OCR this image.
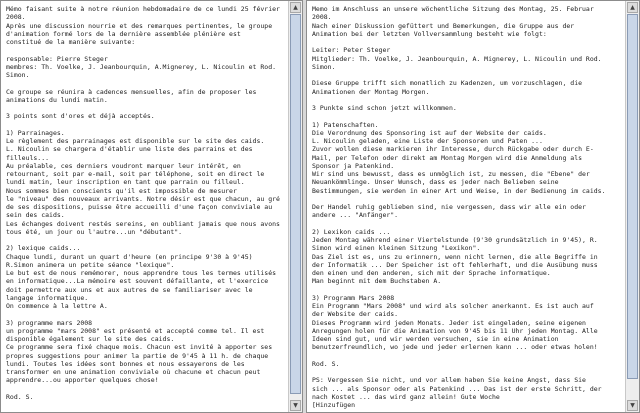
Mémo faisant suite à notre réunion hebdomadaire de ce lundi 25 février
2008.
Après une discussion nourrie et des remarques pertinentes, le groupe
d'animation formé lors de la dernière assemblée plénière est
constitué de la manière suivante:
responsable: Pierre Steger
membres: Th. Voelke, J. Jeanbourquin, A.Mignerey, L. Nicoulin et Rod.
Simon.
Ce groupe se réunira à cadences mensuelles, afin de proposer les
animations du lundi matin.
3 points sont d'ores et déjà acceptés.
1) Parrainages.
Le règlement des parrainages est disponible sur le site des caids.
L. Nicoulin se chargera d'établir une liste des parrains et des
filleuls...
Au préalable, ces derniers voudront marquer leur intérêt, en
retournant, soit par e-mail, soit par téléphone, soit en direct le
lundi matin, leur inscription en tant que parrain ou filleul.
Nous sommes bien conscients qu'il est impossible de mesurer
le "niveau" des nouveaux arrivants. Notre désir est que chacun, au gré
de ses dispositions, puisse être accueilli d'une façon conviviale au
sein des caids.
Les échanges doivent restés sereins, en oubliant jamais que nous avons
tous été, un jour ou l'autre...un "débutant".
2) lexique caids...
Chaque lundi, durant un quart d'heure (en principe 9'30 à 9'45)
R.Simon animera un petite séance "lexique".
Le but est de nous remémorer, nous apprendre tous les termes utilisés
en informatique...La mémoire est souvent défaillante, et l'exercice
doit permettre aux uns et aux autres de se familiariser avec le
langage informatique.
On commence à la lettre A.
3) programme mars 2008
un programme "mars 2008" est présenté et accepté comme tel. Il est
disponible également sur le site des caids.
Ce programme sera fixé chaque mois. Chacun est invité à apporter ses
propres suggestions pour animer la partie de 9'45 à 11 h. de chaque
lundi. Toutes les idées sont bonnes et nous essayerons de les
transformer en une animation conviviale où chacune et chacun peut
apprendre...ou apporter quelques chose!
Rod. S.
▲
▼
Memo im Anschluss an unsere wöchentliche Sitzung des Montag, 25. Februar
2008.
Nach einer Diskussion gefüttert und Bemerkungen, die Gruppe aus der
Animation bei der letzten Vollversammlung besteht wie folgt:
Leiter: Peter Steger
Mitglieder: Th. Voelke, J. Jeanbourquin, A. Mignerey, L. Nicoulin und Rod.
Simon.
Diese Gruppe trifft sich monatlich zu Kadenzen, um vorzuschlagen, die
Animationen der Montag Morgen.
3 Punkte sind schon jetzt willkommen.
1) Patenschaften.
Die Verordnung des Sponsoring ist auf der Website der caids.
L. Nicoulin geladen, eine Liste der Sponsoren und Paten ...
Zuvor wollen diese markieren ihr Interesse, durch Rückgabe oder durch E-
Mail, per Telefon oder direkt am Montag Morgen wird die Anmeldung als
Sponsor ja Patenkind.
Wir sind uns bewusst, dass es unmöglich ist, zu messen, die "Ebene" der
Neuankömmlinge. Unser Wunsch, dass es jeder nach Belieben seine
Bestimmungen, sie werden in einer Art und Weise, in der Bedienung im caids.
Der Handel ruhig geblieben sind, nie vergessen, dass wir alle ein oder
andere ... "Anfänger".
2) Lexikon caids ...
Jeden Montag während einer Viertelstunde (9'30 grundsätzlich in 9'45), R.
Simon wird einen kleinen Sitzung "Lexikon".
Das Ziel ist es, uns zu erinnern, wenn nicht lernen, die alle Begriffe in
der Informatik ... Der Speicher ist oft fehlerhaft, und die Ausübung muss
den einen und den anderen, sich mit der Sprache informatique.
Man beginnt mit dem Buchstaben A.
3) Programm Mars 2008
Ein Programm "Mars 2008" und wird als solcher anerkannt. Es ist auch auf
der Website der caids.
Dieses Programm wird jeden Monats. Jeder ist eingeladen, seine eigenen
Anregungen holen für die Animation von 9'45 bis 11 Uhr jeden Montag. Alle
Ideen sind gut, und wir werden versuchen, sie in eine Animation
benutzerfreundlich, wo jede und jeder erlernen kann ... oder etwas holen!
Rod. S.
PS: Vergessen Sie nicht, und vor allem haben Sie keine Angst, dass Sie
sich ... als Sponsor oder als Patenkind ... Das ist der erste Schritt, der
nach Kostet ... das wird ganz allein! Gute Woche
[Hinzufügen
▲
▼
